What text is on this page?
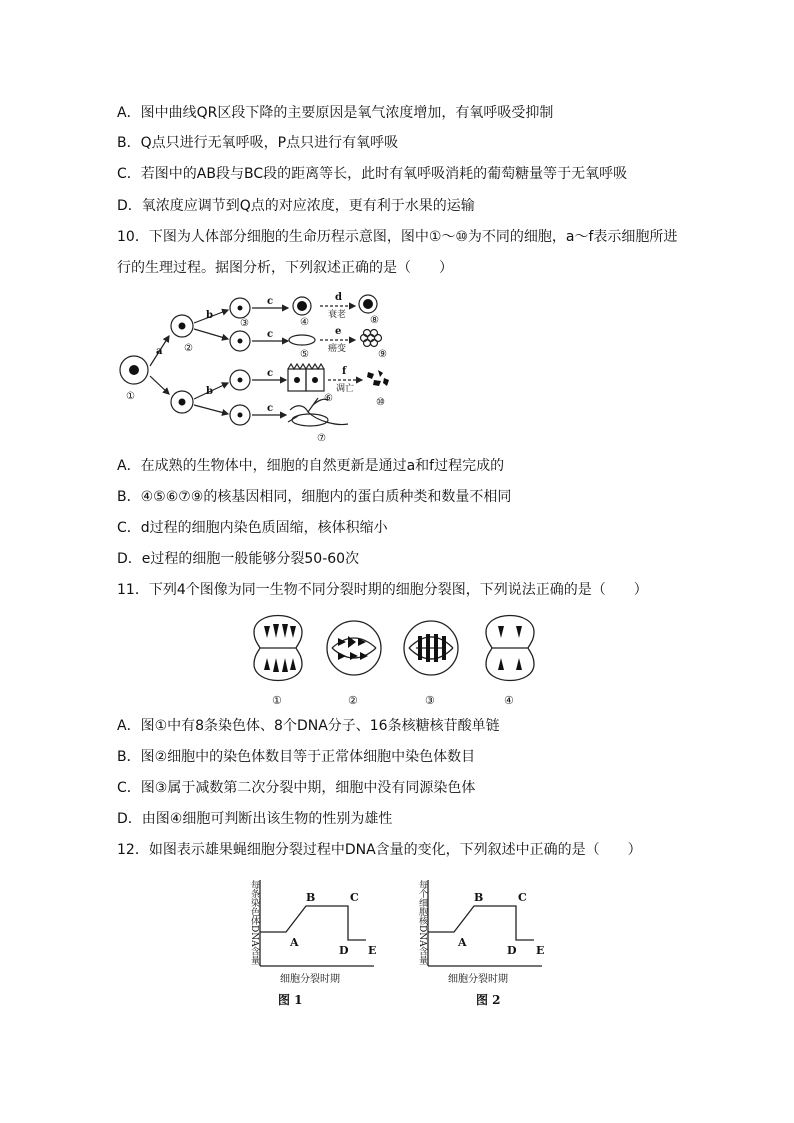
A．图中曲线QR区段下降的主要原因是氧气浓度增加，有氧呼吸受抑制
B．Q点只进行无氧呼吸，P点只进行有氧呼吸
C．若图中的AB段与BC段的距离等长，此时有氧呼吸消耗的葡萄糖量等于无氧呼吸
D．氧浓度应调节到Q点的对应浓度，更有利于水果的运输
10．下图为人体部分细胞的生命历程示意图，图中①～⑩为不同的细胞，a～f表示细胞所进
行的生理过程。据图分析，下列叙述正确的是（　　）
a
b
b
c
c
c
c
d
e
f
衰老
癌变
凋亡
①
②
③	④
⑤
⑥
⑦
⑧
⑨
⑩
A．在成熟的生物体中，细胞的自然更新是通过a和f过程完成的
B．④⑤⑥⑦⑨的核基因相同，细胞内的蛋白质种类和数量不相同
C．d过程的细胞内染色质固缩，核体积缩小
D．e过程的细胞一般能够分裂50-60次
11．下列4个图像为同一生物不同分裂时期的细胞分裂图，下列说法正确的是（　　）
①	②	③	④
A．图①中有8条染色体、8个DNA分子、16条核糖核苷酸单链
B．图②细胞中的染色体数目等于正常体细胞中染色体数目
C．图③属于减数第二次分裂中期，细胞中没有同源染色体
D．由图④细胞可判断出该生物的性别为雄性
12．如图表示雄果蝇细胞分裂过程中DNA含量的变化，下列叙述中正确的是（　　）
A
B	C
D E
每条染色体DNA含量
细胞分裂时期
图 1
A
B	C
D E
每个细胞核DNA含量
细胞分裂时期
图 2
